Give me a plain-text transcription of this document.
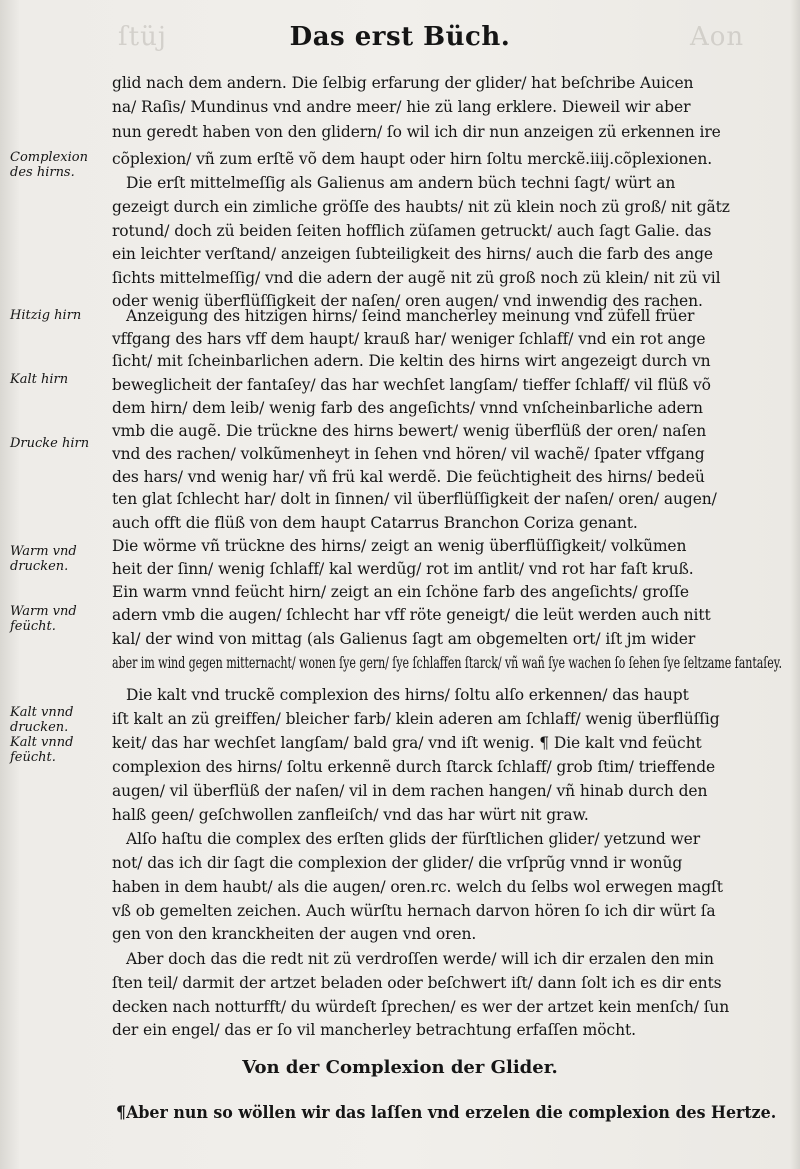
ſtüj	Aon
Das erst Büch.
Complexion
des hirns.
Hitzig hirn
Kalt hirn
Drucke hirn
Warm vnd
drucken.
Warm vnd
feücht.
Kalt vnnd
drucken.
Kalt vnnd
feücht.
glid nach dem andern. Die ſelbig erfarung der glider/ hat beſchribe Auicen
na/ Raſis/ Mundinus vnd andre meer/ hie zü lang erklere. Dieweil wir aber
nun geredt haben von den glidern/ ſo wil ich dir nun anzeigen zü erkennen ire
cõplexion/ vñ zum erſtẽ võ dem haupt oder hirn ſoltu merckẽ.iiij.cõplexionen.
Die erſt mittelmeſſig als Galienus am andern büch techni ſagt/ würt an
gezeigt durch ein zimliche gröſſe des haubts/ nit zü klein noch zü groß/ nit gãtz
rotund/ doch zü beiden ſeiten hofflich züſamen getruckt/ auch ſagt Galie. das
ein leichter verſtand/ anzeigen ſubteiligkeit des hirns/ auch die farb des ange
ſichts mittelmeſſig/ vnd die adern der augẽ nit zü groß noch zü klein/ nit zü vil
oder wenig überflüſſigkeit der naſen/ oren augen/ vnd inwendig des rachen.
Anzeigung des hitzigen hirns/ ſeind mancherley meinung vnd züfell früer
vffgang des hars vff dem haupt/ krauß har/ weniger ſchlaff/ vnd ein rot ange
ſicht/ mit ſcheinbarlichen adern. Die keltin des hirns wirt angezeigt durch vn
beweglicheit der fantaſey/ das har wechſet langſam/ tieffer ſchlaff/ vil flüß võ
dem hirn/ dem leib/ wenig farb des angeſichts/ vnnd vnſcheinbarliche adern
vmb die augẽ. Die trückne des hirns bewert/ wenig überflüß der oren/ naſen
vnd des rachen/ volkũmenheyt in ſehen vnd hören/ vil wachẽ/ ſpater vffgang
des hars/ vnd wenig har/ vñ frü kal werdẽ. Die feüchtigheit des hirns/ bedeü
ten glat ſchlecht har/ dolt in ſinnen/ vil überflüſſigkeit der naſen/ oren/ augen/
auch offt die flüß von dem haupt Catarrus Branchon Coriza genant.
Die wörme vñ trückne des hirns/ zeigt an wenig überflüſſigkeit/ volkũmen
heit der ſinn/ wenig ſchlaff/ kal werdũg/ rot im antlit/ vnd rot har faſt kruß.
Ein warm vnnd feücht hirn/ zeigt an ein ſchöne farb des angeſichts/ groſſe
adern vmb die augen/ ſchlecht har vff röte geneigt/ die leüt werden auch nitt
kal/ der wind von mittag (als Galienus ſagt am obgemelten ort/ iſt jm wider
aber im wind gegen mitternacht/ wonen ſye gern/ ſye ſchlaffen ſtarck/ vñ wañ ſye wachen ſo ſehen ſye ſeltzame fantaſey.
Die kalt vnd truckẽ complexion des hirns/ ſoltu alſo erkennen/ das haupt
iſt kalt an zü greiffen/ bleicher farb/ klein aderen am ſchlaff/ wenig überflüſſig
keit/ das har wechſet langſam/ bald gra/ vnd iſt wenig. ¶ Die kalt vnd feücht
complexion des hirns/ ſoltu erkennẽ durch ſtarck ſchlaff/ grob ſtim/ trieffende
augen/ vil überflüß der naſen/ vil in dem rachen hangen/ vñ hinab durch den
halß geen/ geſchwollen zanfleiſch/ vnd das har würt nit graw.
Alſo haſtu die complex des erſten glids der fürſtlichen glider/ yetzund wer
not/ das ich dir ſagt die complexion der glider/ die vrſprũg vnnd ir wonũg
haben in dem haubt/ als die augen/ oren.rc. welch du ſelbs wol erwegen magſt
vß ob gemelten zeichen. Auch würſtu hernach darvon hören ſo ich dir würt ſa
gen von den kranckheiten der augen vnd oren.
Aber doch das die redt nit zü verdroſſen werde/ will ich dir erzalen den min
ſten teil/ darmit der artzet beladen oder beſchwert iſt/ dann ſolt ich es dir ents
decken nach notturfft/ du würdeſt ſprechen/ es wer der artzet kein menſch/ ſun
der ein engel/ das er ſo vil mancherley betrachtung erfaſſen möcht.
Von der Complexion der Glider.
¶Aber nun so wöllen wir das laſſen vnd erzelen die complexion des Hertze.
